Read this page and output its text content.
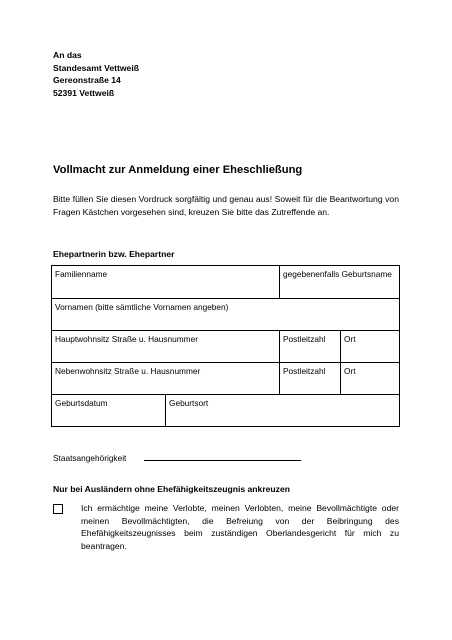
An das
Standesamt Vettweiß
Gereonstraße 14
52391 Vettweiß
Vollmacht zur Anmeldung einer Eheschließung
Bitte füllen Sie diesen Vordruck sorgfältig und genau aus! Soweit für die Beantwortung von Fragen Kästchen vorgesehen sind, kreuzen Sie bitte das Zutreffende an.
Ehepartnerin bzw. Ehepartner
Familienname	gegebenenfalls Geburtsname
Vornamen (bitte sämtliche Vornamen angeben)
Hauptwohnsitz Straße u. Hausnummer		Postleitzahl	Ort

Nebenwohnsitz Straße u. Hausnummer		Postleitzahl	Ort

Geburtsdatum	Geburtsort
Staatsangehörigkeit
Nur bei Ausländern ohne Ehefähigkeitszeugnis ankreuzen
Ich ermächtige meine Verlobte, meinen Verlobten, meine Bevollmächtigte oder meinen Bevollmächtigten, die Befreiung von der Beibringung des Ehefähigkeitszeugnisses beim zuständigen Oberlandesgericht für mich zu beantragen.
